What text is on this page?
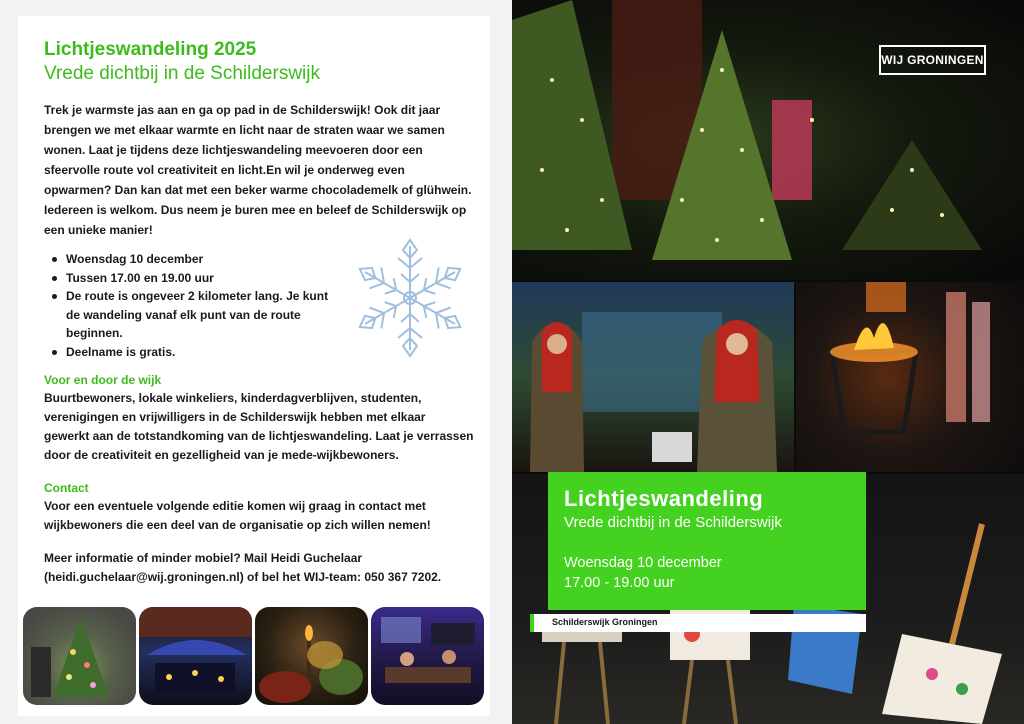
Lichtjeswandeling 2025
Vrede dichtbij in de Schilderswijk

Trek je warmste jas aan en ga op pad in de Schilderswijk! Ook dit jaar brengen we met elkaar warmte en licht naar de straten waar we samen wonen. Laat je tijdens deze lichtjeswandeling meevoeren door een sfeervolle route vol creativiteit en licht.En wil je onderweg even opwarmen? Dan kan dat met een beker warme chocolademelk of glühwein. Iedereen is welkom. Dus neem je buren mee en beleef de Schilderswijk op een unieke manier!

Woensdag 10 december
Tussen 17.00 en 19.00 uur
De route is ongeveer 2 kilometer lang. Je kunt de wandeling vanaf elk punt van de route beginnen.
Deelname is gratis.
Voor en door de wijk

Buurtbewoners, lokale winkeliers, kinderdagverblijven, studenten, verenigingen en vrijwilligers in de Schilderswijk hebben met elkaar gewerkt aan de totstandkoming van de lichtjeswandeling. Laat je verrassen door de creativiteit en gezelligheid van je mede-wijkbewoners.

Contact

Voor een eventuele volgende editie komen wij graag in contact met wijkbewoners die een deel van de organisatie op zich willen nemen!

Meer informatie of minder mobiel? Mail Heidi Guchelaar (heidi.guchelaar@wij.groningen.nl) of bel het WIJ-team: 050 367 7202.

WIJ GRONINGEN
Lichtjeswandeling
Vrede dichtbij in de Schilderswijk
Woensdag 10 december
17.00 - 19.00 uur
Schilderswijk Groningen
